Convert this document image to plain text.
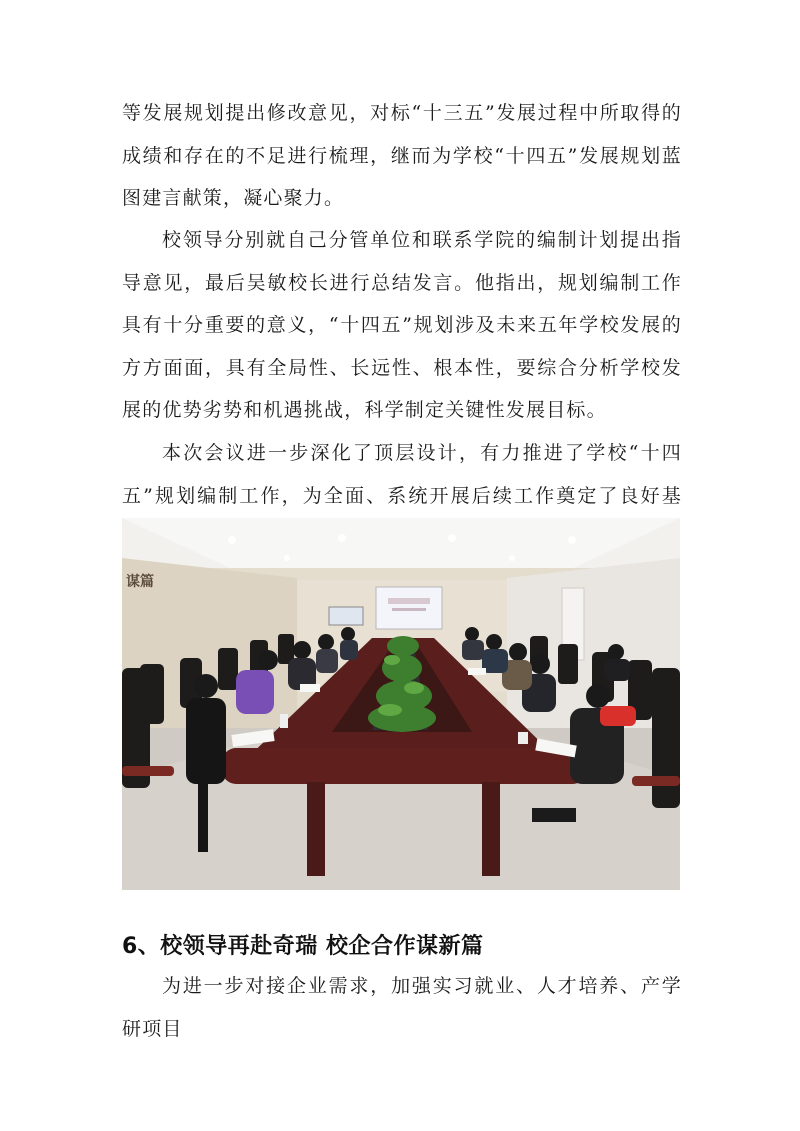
等发展规划提出修改意见，对标“十三五”发展过程中所取得的成绩和存在的不足进行梳理，继而为学校“十四五”发展规划蓝图建言献策，凝心聚力。

校领导分别就自己分管单位和联系学院的编制计划提出指导意见，最后吴敏校长进行总结发言。他指出，规划编制工作具有十分重要的意义，“十四五”规划涉及未来五年学校发展的方方面面，具有全局性、长远性、根本性，要综合分析学校发展的优势劣势和机遇挑战，科学制定关键性发展目标。

本次会议进一步深化了顶层设计，有力推进了学校“十四五”规划编制工作，为全面、系统开展后续工作奠定了良好基

谋篇
6、校领导再赴奇瑞 校企合作谋新篇

为进一步对接企业需求，加强实习就业、人才培养、产学研项目
